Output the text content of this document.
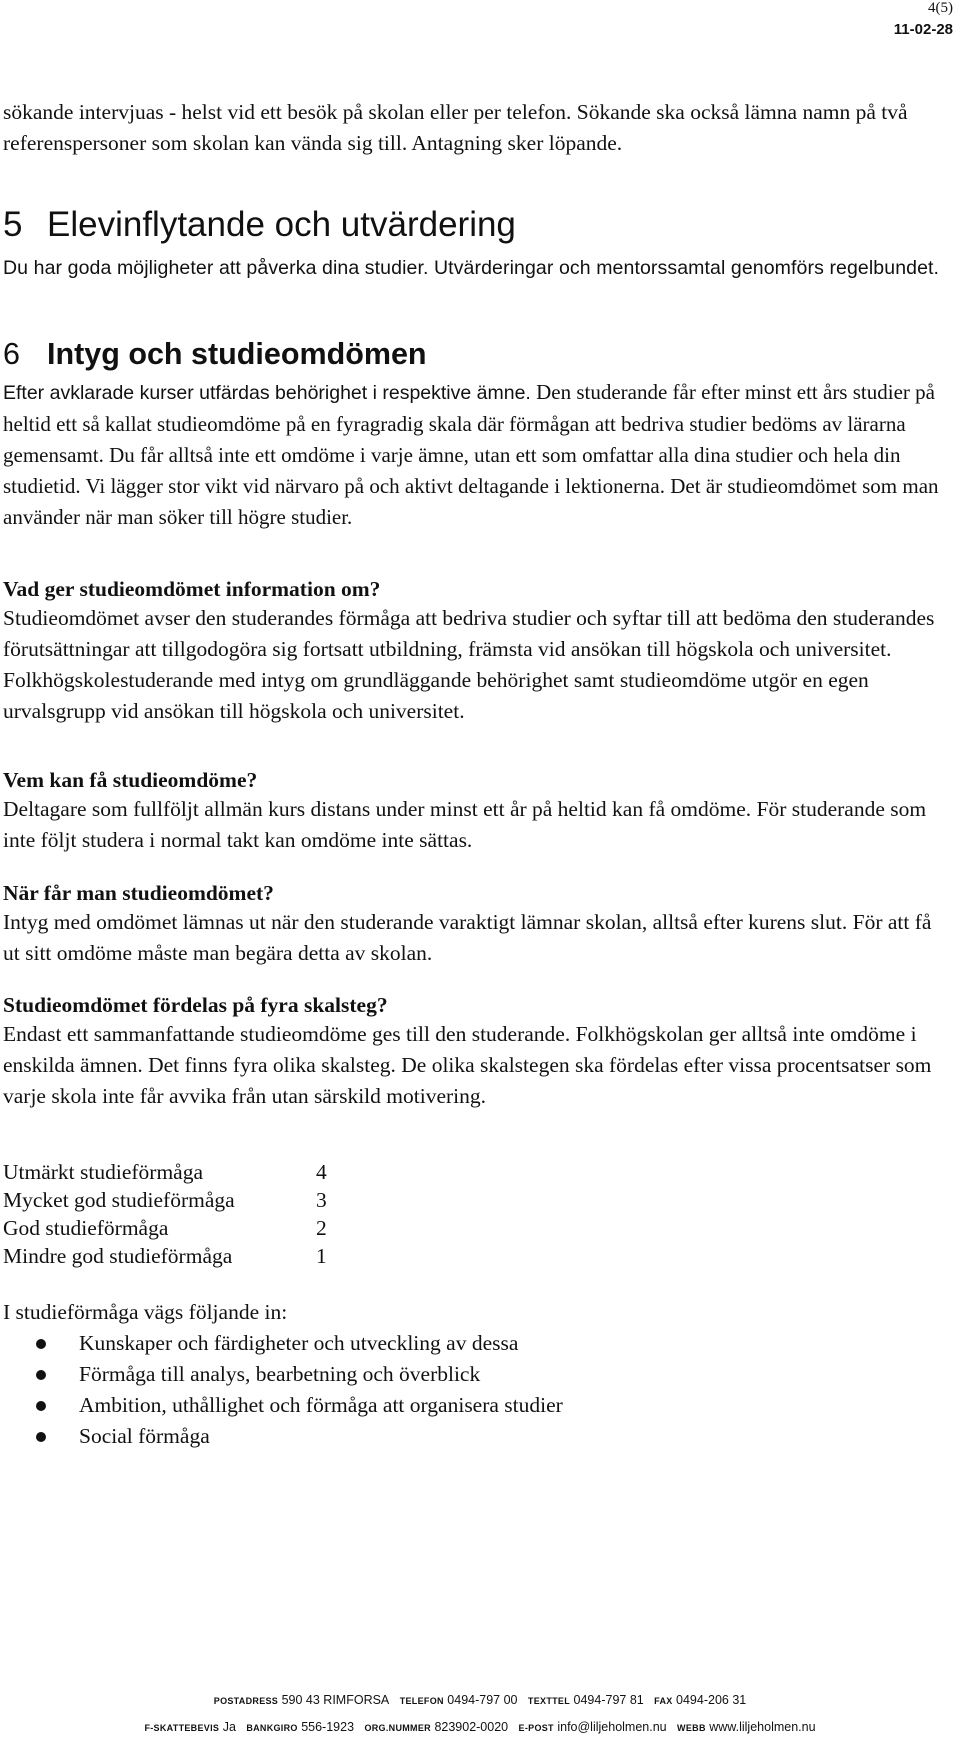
4(5)
11-02-28
sökande intervjuas - helst vid ett besök på skolan eller per telefon. Sökande ska också lämna namn på två referenspersoner som skolan kan vända sig till. Antagning sker löpande.
5 Elevinflytande och utvärdering
Du har goda möjligheter att påverka dina studier. Utvärderingar och mentorssamtal genomförs regelbundet.
6 Intyg och studieomdömen
Efter avklarade kurser utfärdas behörighet i respektive ämne. Den studerande får efter minst ett års studier på heltid ett så kallat studieomdöme på en fyragradig skala där förmågan att bedriva studier bedöms av lärarna gemensamt. Du får alltså inte ett omdöme i varje ämne, utan ett som omfattar alla dina studier och hela din studietid. Vi lägger stor vikt vid närvaro på och aktivt deltagande i lektionerna. Det är studieomdömet som man använder när man söker till högre studier.
Vad ger studieomdömet information om?
Studieomdömet avser den studerandes förmåga att bedriva studier och syftar till att bedöma den studerandes förutsättningar att tillgodogöra sig fortsatt utbildning, främsta vid ansökan till högskola och universitet. Folkhögskolestuderande med intyg om grundläggande behörighet samt studieomdöme utgör en egen urvalsgrupp vid ansökan till högskola och universitet.
Vem kan få studieomdöme?
Deltagare som fullföljt allmän kurs distans under minst ett år på heltid kan få omdöme. För studerande som inte följt studera i normal takt kan omdöme inte sättas.
När får man studieomdömet?
Intyg med omdömet lämnas ut när den studerande varaktigt lämnar skolan, alltså efter kurens slut. För att få ut sitt omdöme måste man begära detta av skolan.
Studieomdömet fördelas på fyra skalsteg?
Endast ett sammanfattande studieomdöme ges till den studerande. Folkhögskolan ger alltså inte omdöme i enskilda ämnen. Det finns fyra olika skalsteg. De olika skalstegen ska fördelas efter vissa procentsatser som varje skola inte får avvika från utan särskild motivering.
Utmärkt studieförmåga	4
Mycket god studieförmåga	3
God studieförmåga	2
Mindre god studieförmåga	1
I studieförmåga vägs följande in:
Kunskaper och färdigheter och utveckling av dessa
Förmåga till analys, bearbetning och överblick
Ambition, uthållighet och förmåga att organisera studier
Social förmåga
POSTADRESS 590 43 RIMFORSA TELEFON 0494-797 00 TEXTTEL 0494-797 81 FAX 0494-206 31
F-SKATTEBEVIS Ja BANKGIRO 556-1923 ORG.NUMMER 823902-0020 E-POST info@liljeholmen.nu WEBB www.liljeholmen.nu
